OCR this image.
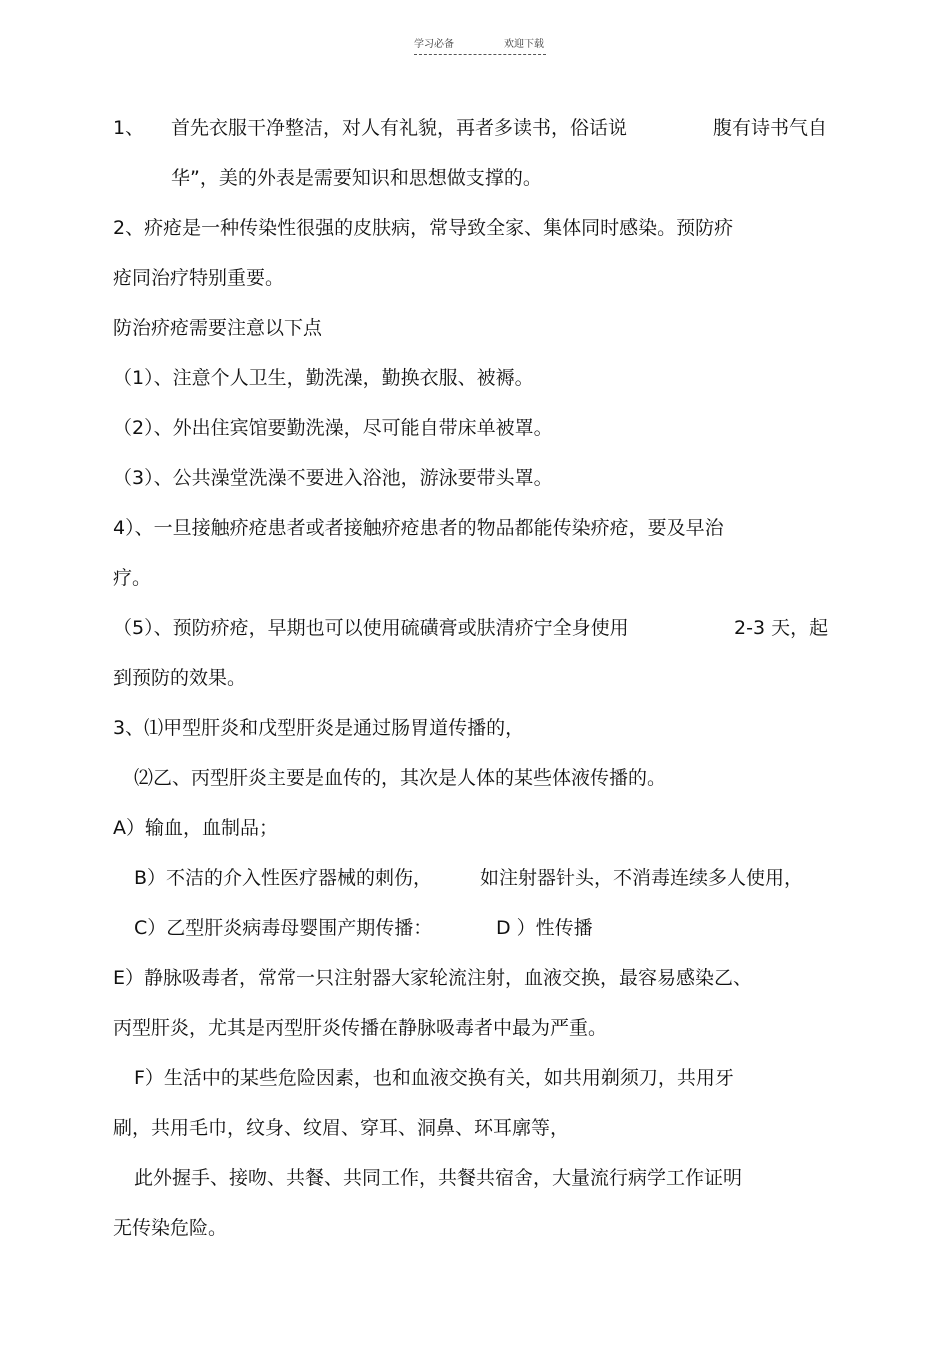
学习必备	欢迎下载
1、 首先衣服干净整洁，对人有礼貌，再者多读书，俗话说	腹有诗书气自
华”，美的外表是需要知识和思想做支撑的。
2、疥疮是一种传染性很强的皮肤病，常导致全家、集体同时感染。预防疥
疮同治疗特别重要。
防治疥疮需要注意以下点
（1）、注意个人卫生，勤洗澡，勤换衣服、被褥。
（2）、外出住宾馆要勤洗澡，尽可能自带床单被罩。
（3）、公共澡堂洗澡不要进入浴池，游泳要带头罩。
4）、一旦接触疥疮患者或者接触疥疮患者的物品都能传染疥疮，要及早治
疗。
（5）、预防疥疮，早期也可以使用硫磺膏或肤清疥宁全身使用	2-3 天，起
到预防的效果。
3、⑴甲型肝炎和戊型肝炎是通过肠胃道传播的，
⑵乙、丙型肝炎主要是血传的，其次是人体的某些体液传播的。
A）输血，血制品；
B）不洁的介入性医疗器械的刺伤，	如注射器针头，不消毒连续多人使用，
C）乙型肝炎病毒母婴围产期传播：	D ）性传播
E）静脉吸毒者，常常一只注射器大家轮流注射，血液交换，最容易感染乙、
丙型肝炎，尤其是丙型肝炎传播在静脉吸毒者中最为严重。
F）生活中的某些危险因素，也和血液交换有关，如共用剃须刀，共用牙
刷，共用毛巾，纹身、纹眉、穿耳、洞鼻、环耳廓等，
此外握手、接吻、共餐、共同工作，共餐共宿舍，大量流行病学工作证明
无传染危险。
